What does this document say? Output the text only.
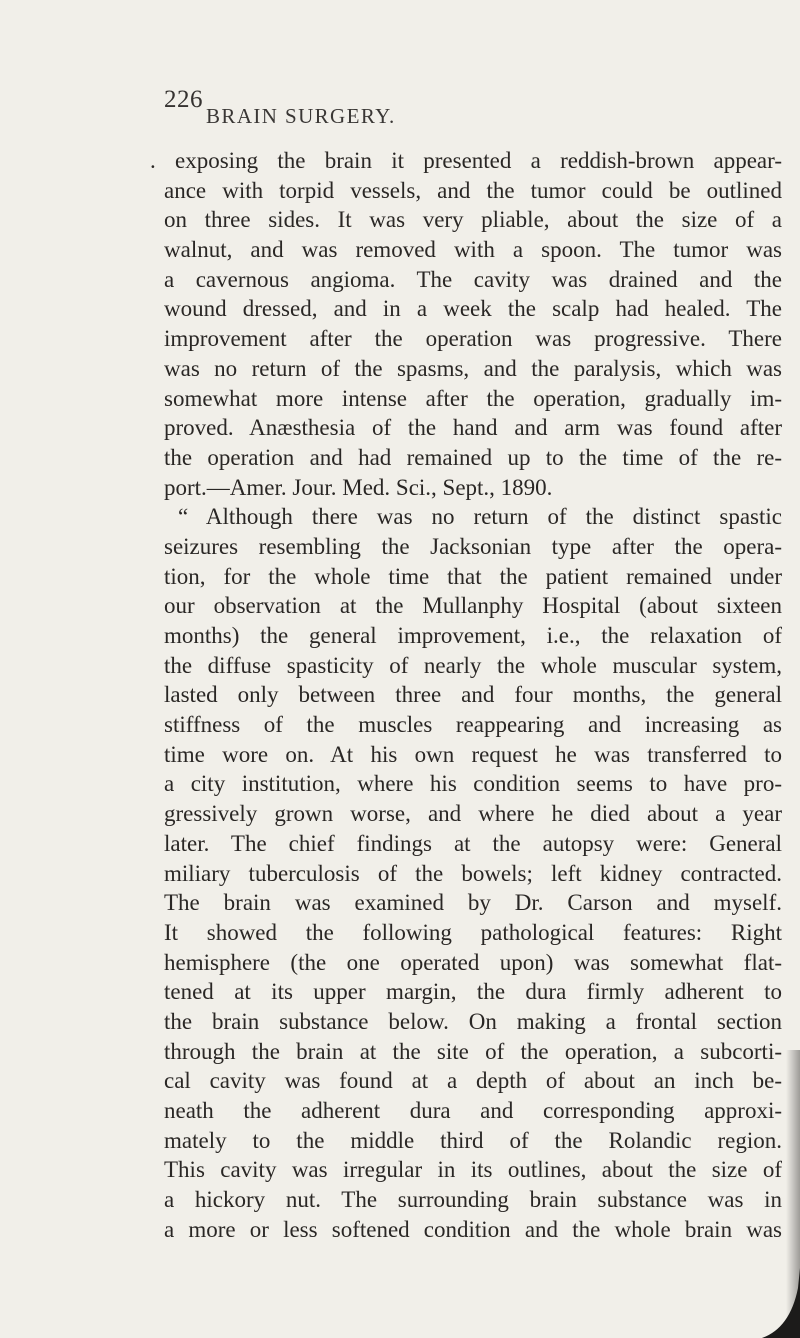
226
BRAIN SURGERY.
. exposing the brain it presented a reddish-brown appear-
ance with torpid vessels, and the tumor could be outlined
on three sides. It was very pliable, about the size of a
walnut, and was removed with a spoon. The tumor was
a cavernous angioma. The cavity was drained and the
wound dressed, and in a week the scalp had healed. The
improvement after the operation was progressive. There
was no return of the spasms, and the paralysis, which was
somewhat more intense after the operation, gradually im-
proved. Anæsthesia of the hand and arm was found after
the operation and had remained up to the time of the re-
port.—Amer. Jour. Med. Sci., Sept., 1890.
“ Although there was no return of the distinct spastic
seizures resembling the Jacksonian type after the opera-
tion, for the whole time that the patient remained under
our observation at the Mullanphy Hospital (about sixteen
months) the general improvement, i.e., the relaxation of
the diffuse spasticity of nearly the whole muscular system,
lasted only between three and four months, the general
stiffness of the muscles reappearing and increasing as
time wore on. At his own request he was transferred to
a city institution, where his condition seems to have pro-
gressively grown worse, and where he died about a year
later. The chief findings at the autopsy were: General
miliary tuberculosis of the bowels; left kidney contracted.
The brain was examined by Dr. Carson and myself.
It showed the following pathological features: Right
hemisphere (the one operated upon) was somewhat flat-
tened at its upper margin, the dura firmly adherent to
the brain substance below. On making a frontal section
through the brain at the site of the operation, a subcorti-
cal cavity was found at a depth of about an inch be-
neath the adherent dura and corresponding approxi-
mately to the middle third of the Rolandic region.
This cavity was irregular in its outlines, about the size of
a hickory nut. The surrounding brain substance was in
a more or less softened condition and the whole brain was
